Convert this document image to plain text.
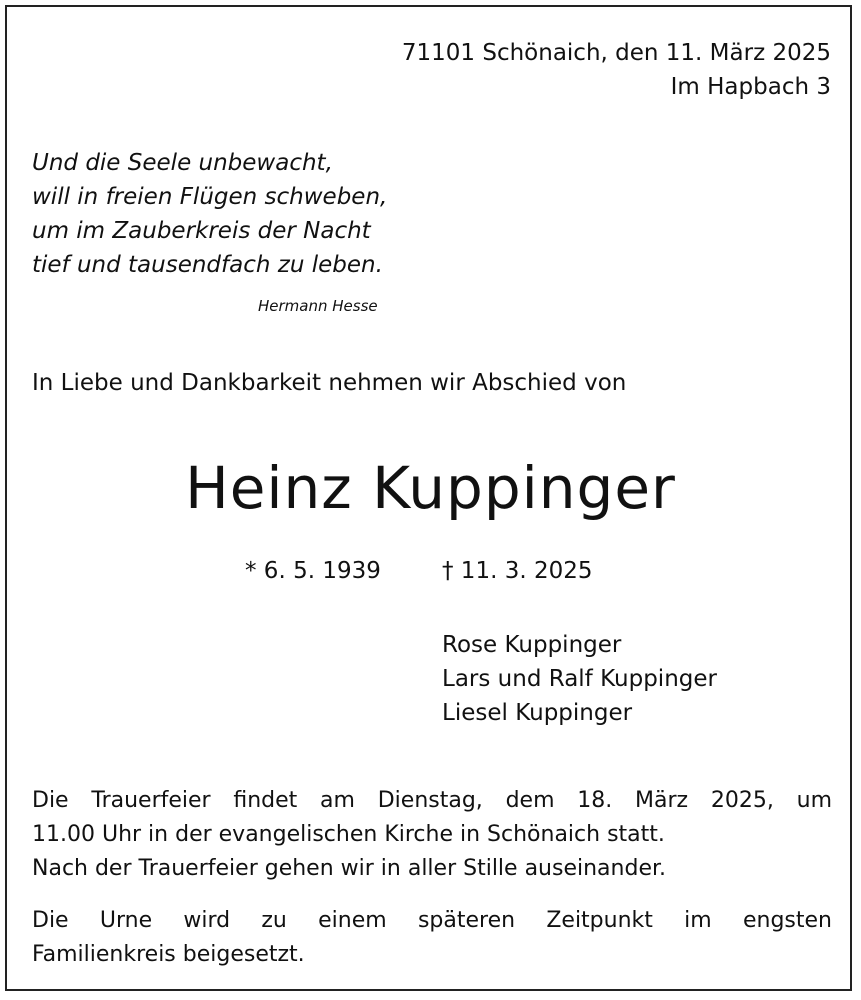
71101 Schönaich, den 11. März 2025
Im Hapbach 3
Und die Seele unbewacht,
will in freien Flügen schweben,
um im Zauberkreis der Nacht
tief und tausendfach zu leben.
Hermann Hesse
In Liebe und Dankbarkeit nehmen wir Abschied von
Heinz Kuppinger
* 6. 5. 1939	† 11. 3. 2025
Rose Kuppinger
Lars und Ralf Kuppinger
Liesel Kuppinger
Die Trauerfeier findet am Dienstag, dem 18. März 2025, um
11.00 Uhr in der evangelischen Kirche in Schönaich statt.
Nach der Trauerfeier gehen wir in aller Stille auseinander.
Die Urne wird zu einem späteren Zeitpunkt im engsten
Familienkreis beigesetzt.
